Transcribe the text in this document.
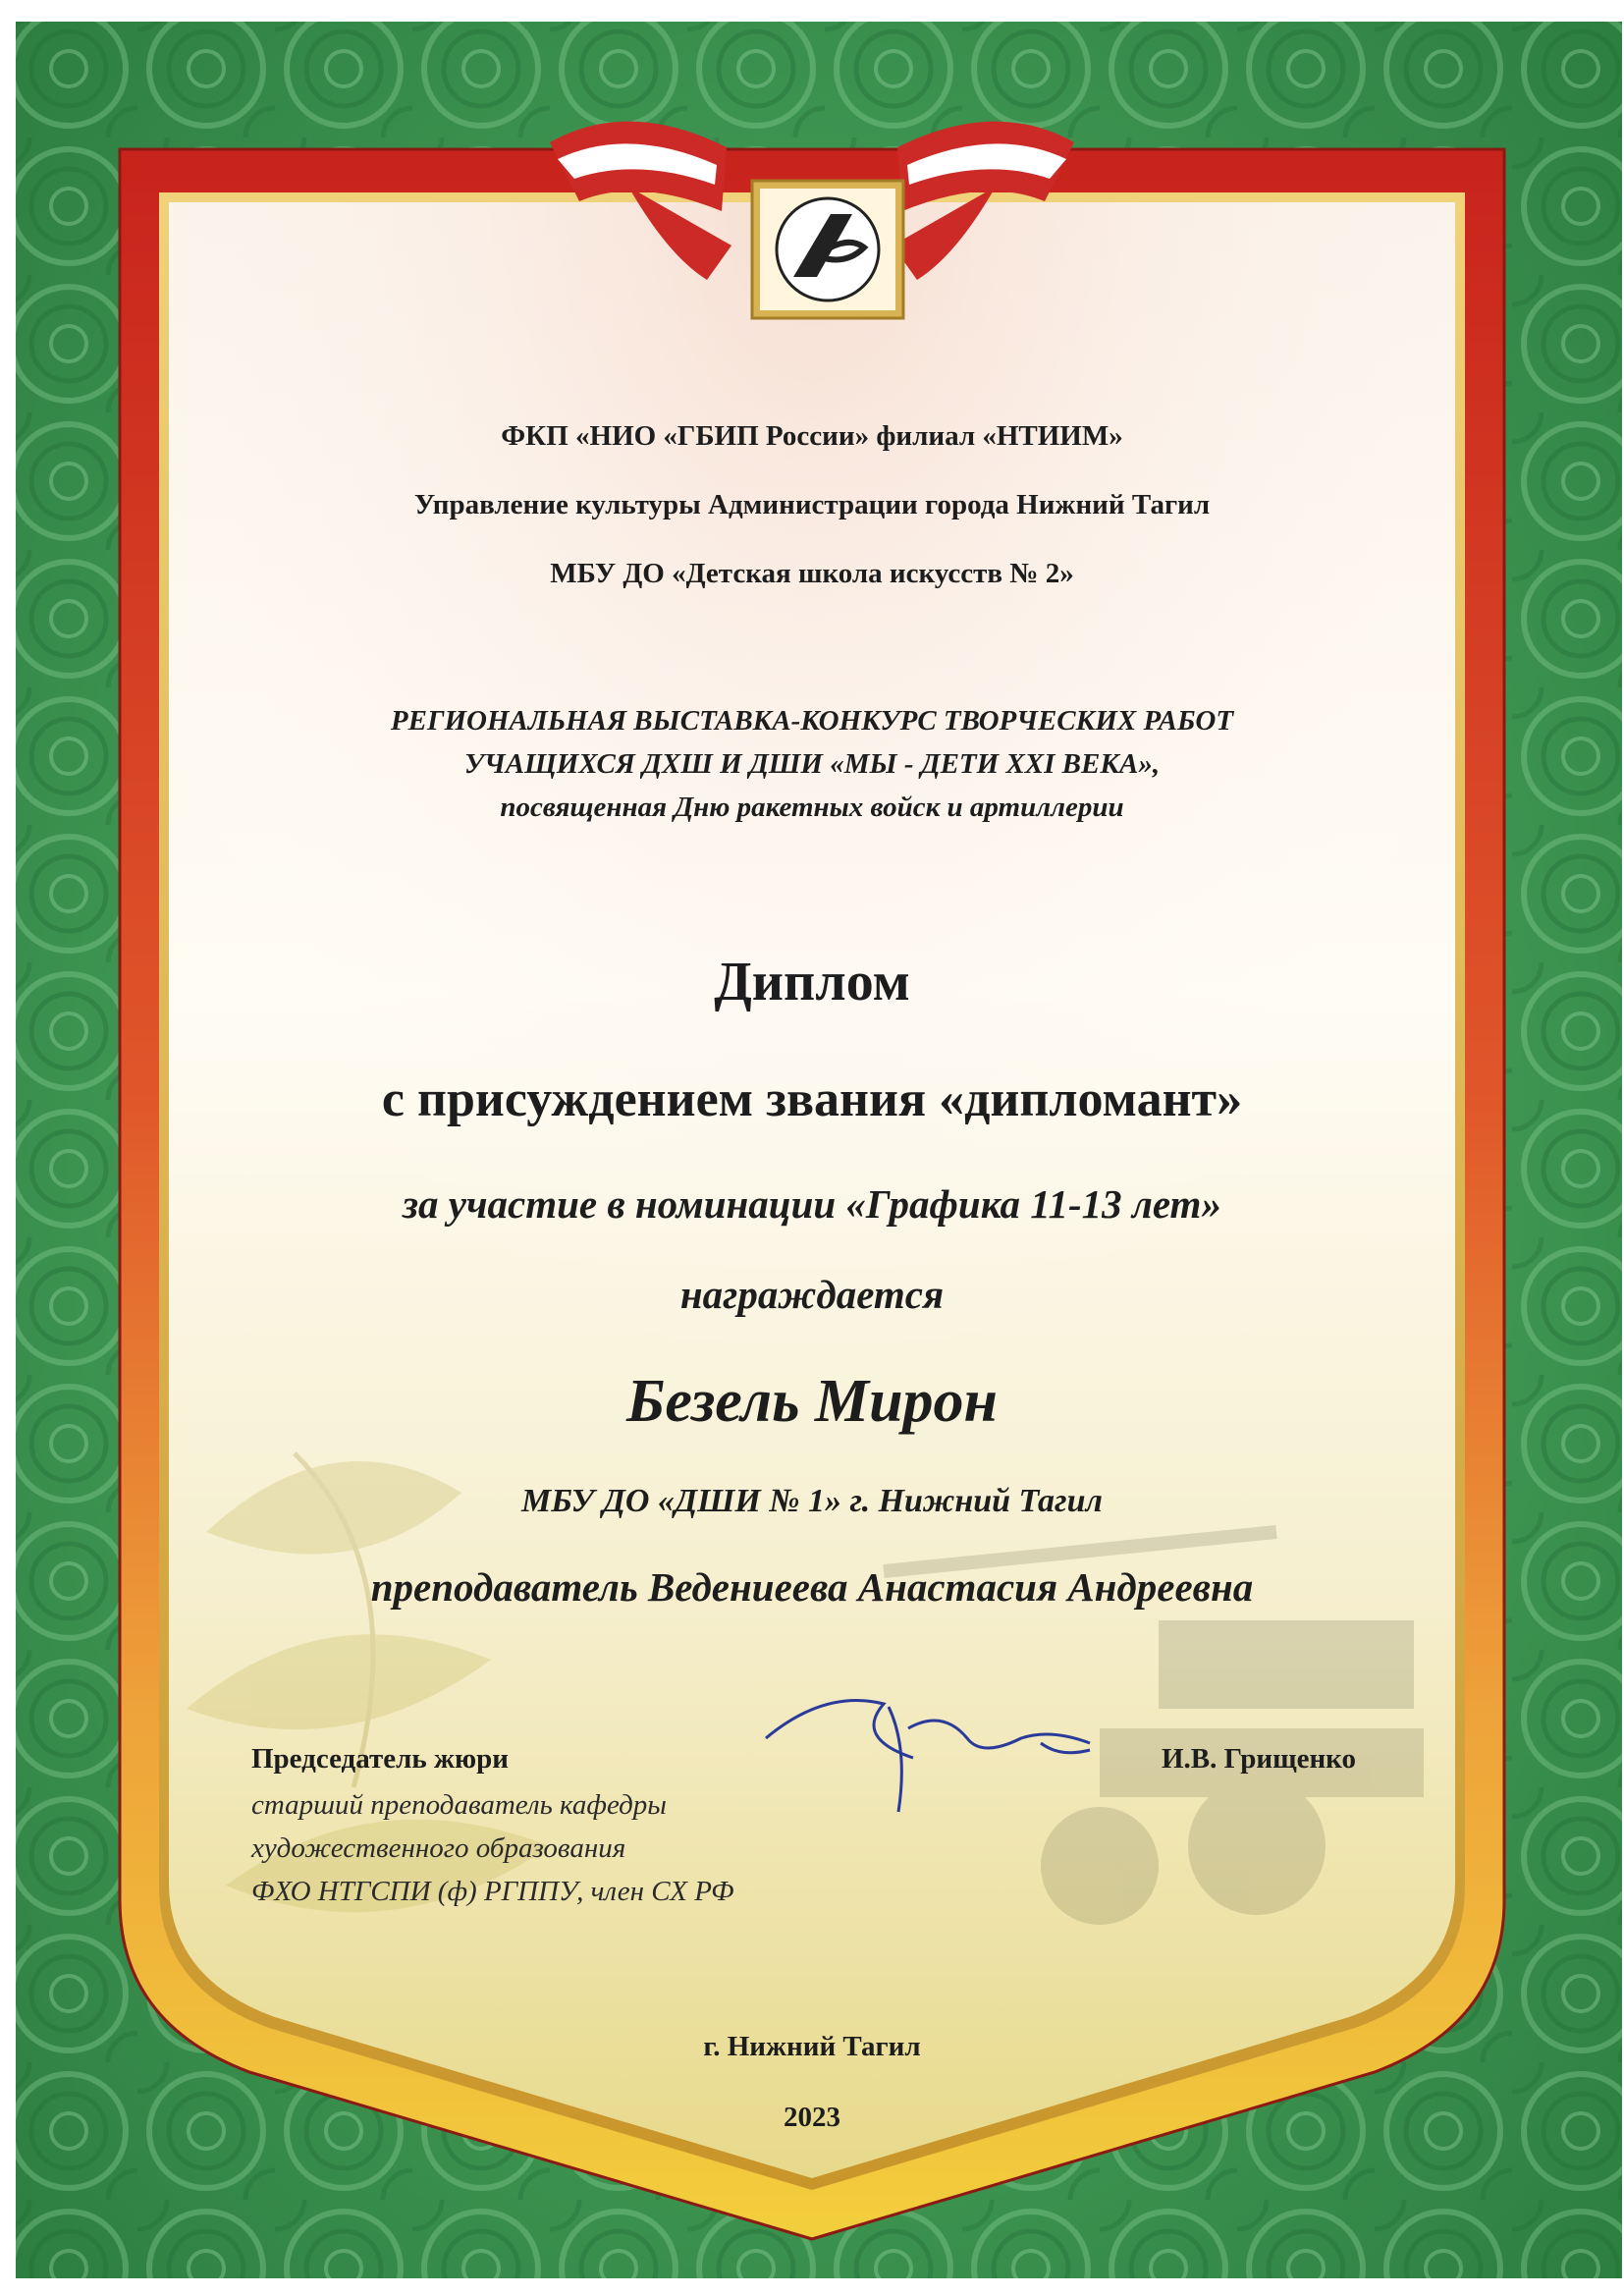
ФКП «НИО «ГБИП России» филиал «НТИИМ»

Управление культуры Администрации города Нижний Тагил

МБУ ДО «Детская школа искусств № 2»

РЕГИОНАЛЬНАЯ ВЫСТАВКА-КОНКУРС ТВОРЧЕСКИХ РАБОТ

УЧАЩИХСЯ ДХШ И ДШИ «МЫ - ДЕТИ XXI ВЕКА»,

посвященная Дню ракетных войск и артиллерии

Диплом

с присуждением звания «дипломант»

за участие в номинации «Графика 11-13 лет»

награждается

Безель Мирон

МБУ ДО «ДШИ № 1» г. Нижний Тагил

преподаватель Ведениеева Анастасия Андреевна

Председатель жюри
старший преподаватель кафедры
художественного образования
ФХО НТГСПИ (ф) РГППУ, член СХ РФ
И.В. Грищенко

г. Нижний Тагил

2023
